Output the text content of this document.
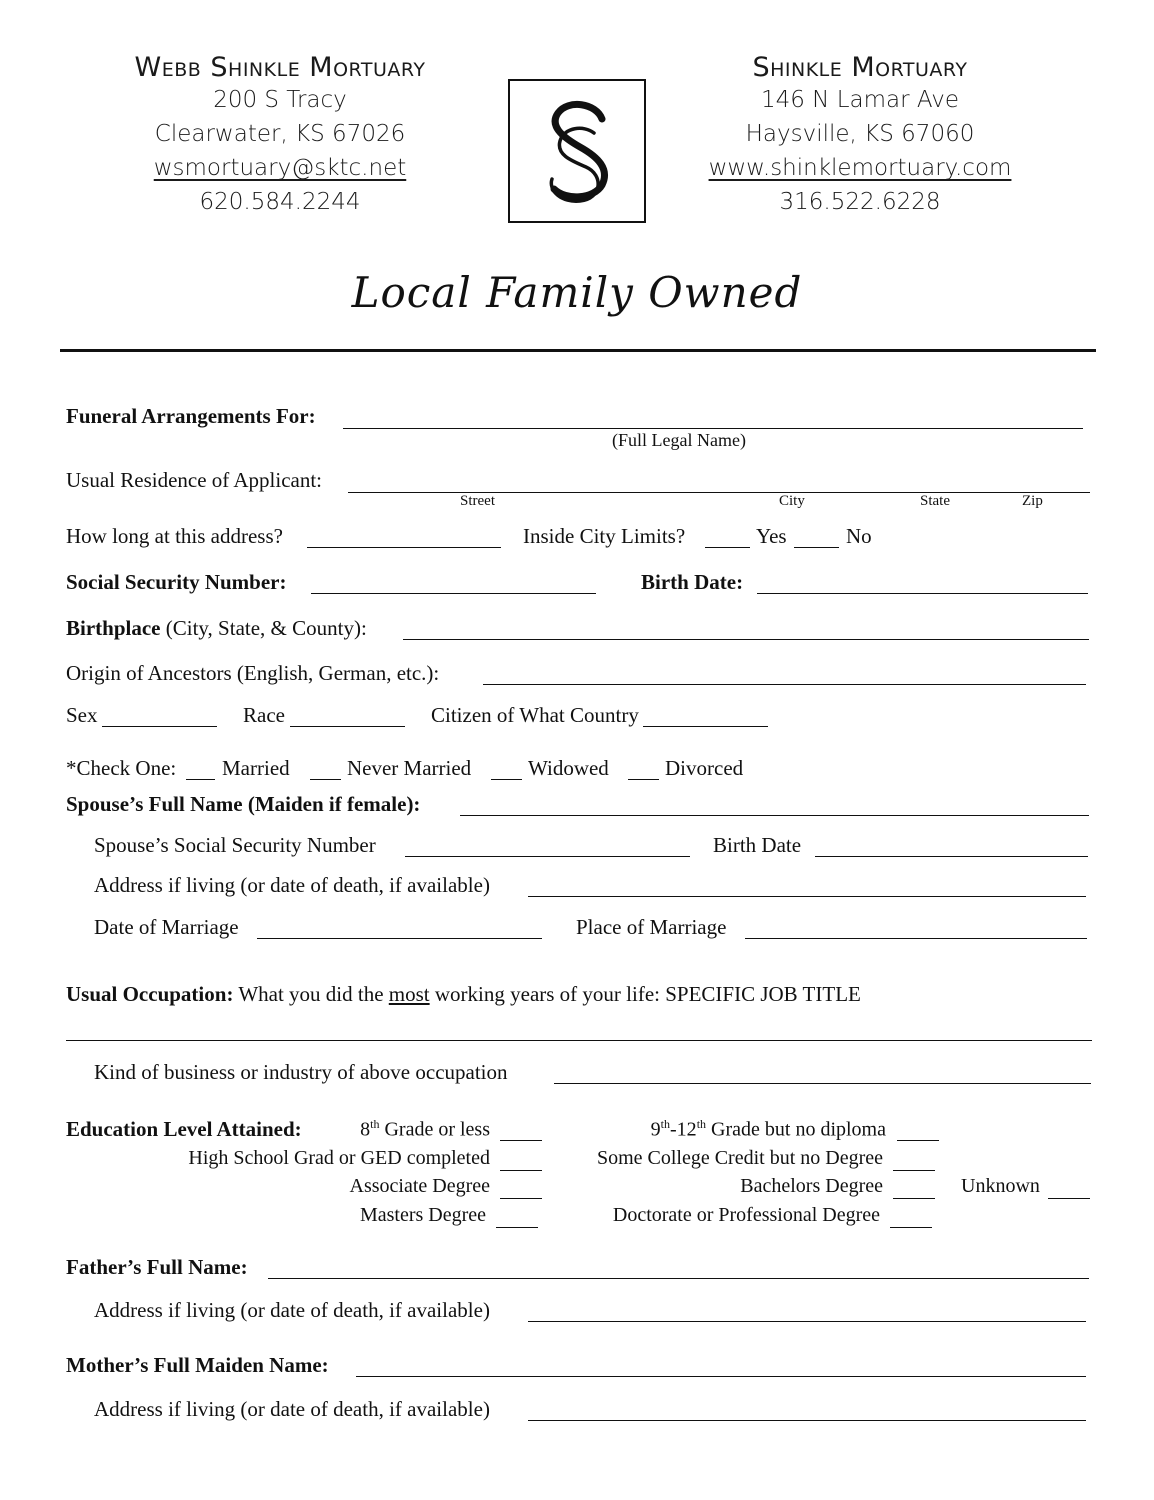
Webb Shinkle Mortuary
200 S Tracy
Clearwater, KS 67026
wsmortuary@sktc.net
620.584.2244
Shinkle Mortuary
146 N Lamar Ave
Haysville, KS 67060
www.shinklemortuary.com
316.522.6228
Local Family Owned
Funeral Arrangements For:
(Full Legal Name)
Usual Residence of Applicant:
Street	City	State	Zip
How long at this address?	Inside City Limits?	Yes	No
Social Security Number:	Birth Date:
Birthplace (City, State, & County):
Origin of Ancestors (English, German, etc.):
Sex	Race	Citizen of What Country
*Check One: Married	Never Married	Widowed	Divorced
Spouse’s Full Name (Maiden if female):
Spouse’s Social Security Number	Birth Date
Address if living (or date of death, if available)
Date of Marriage	Place of Marriage
Usual Occupation: What you did the most working years of your life: SPECIFIC JOB TITLE
Kind of business or industry of above occupation
Education Level Attained:	8th Grade or less	9th-12th Grade but no diploma
High School Grad or GED completed	Some College Credit but no Degree
Associate Degree	Bachelors Degree	Unknown
Masters Degree	Doctorate or Professional Degree
Father’s Full Name:
Address if living (or date of death, if available)
Mother’s Full Maiden Name:
Address if living (or date of death, if available)
